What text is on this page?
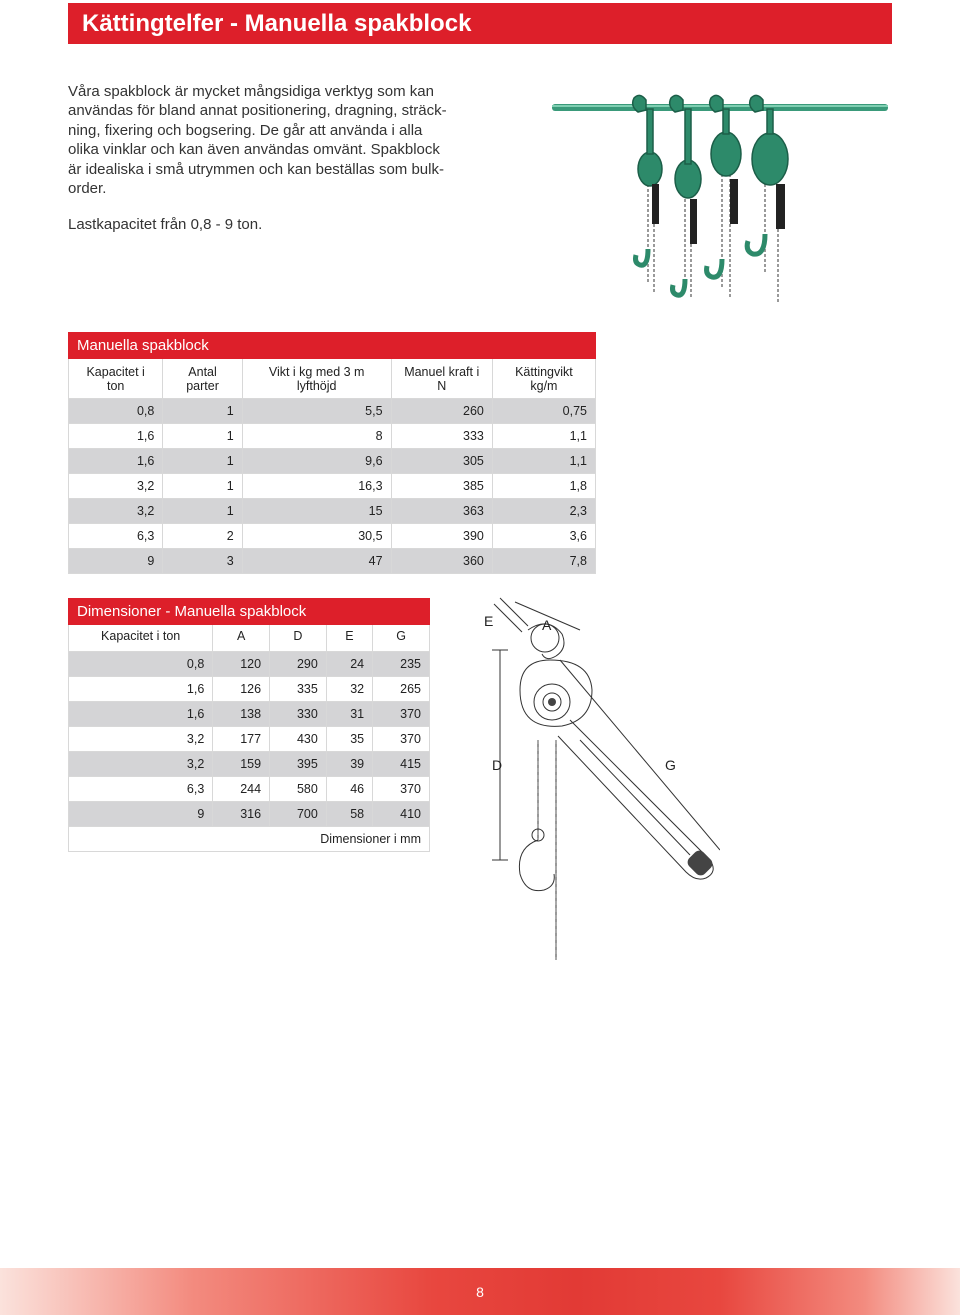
Kättingtelfer - Manuella spakblock

Våra spakblock är mycket mångsidiga verktyg som kan

användas för bland annat positionering, dragning, sträck-

ning, fixering och bogsering. De går att använda i alla

olika vinklar och kan även användas omvänt. Spakblock

är idealiska i små utrymmen och kan beställas som bulk-

order.

Lastkapacitet från 0,8 - 9 ton.

Manuella spakblock				
Kapacitet i ton	Antal parter	Vikt i kg med 3 m lyfthöjd	Manuel kraft i N	Kättingvikt kg/m
0,8	1	5,5	260	0,75
1,6	1	8	333	1,1
1,6	1	9,6	305	1,1
3,2	1	16,3	385	1,8
3,2	1	15	363	2,3
6,3	2	30,5	390	3,6
9	3	47	360	7,8
Dimensioner - Manuella spakblock				
Kapacitet i ton	A	D	E	G
0,8	120	290	24	235
1,6	126	335	32	265
1,6	138	330	31	370
3,2	177	430	35	370
3,2	159	395	39	415
6,3	244	580	46	370
9	316	700	58	410
Dimensioner i mm				
E	A
D	G
8
